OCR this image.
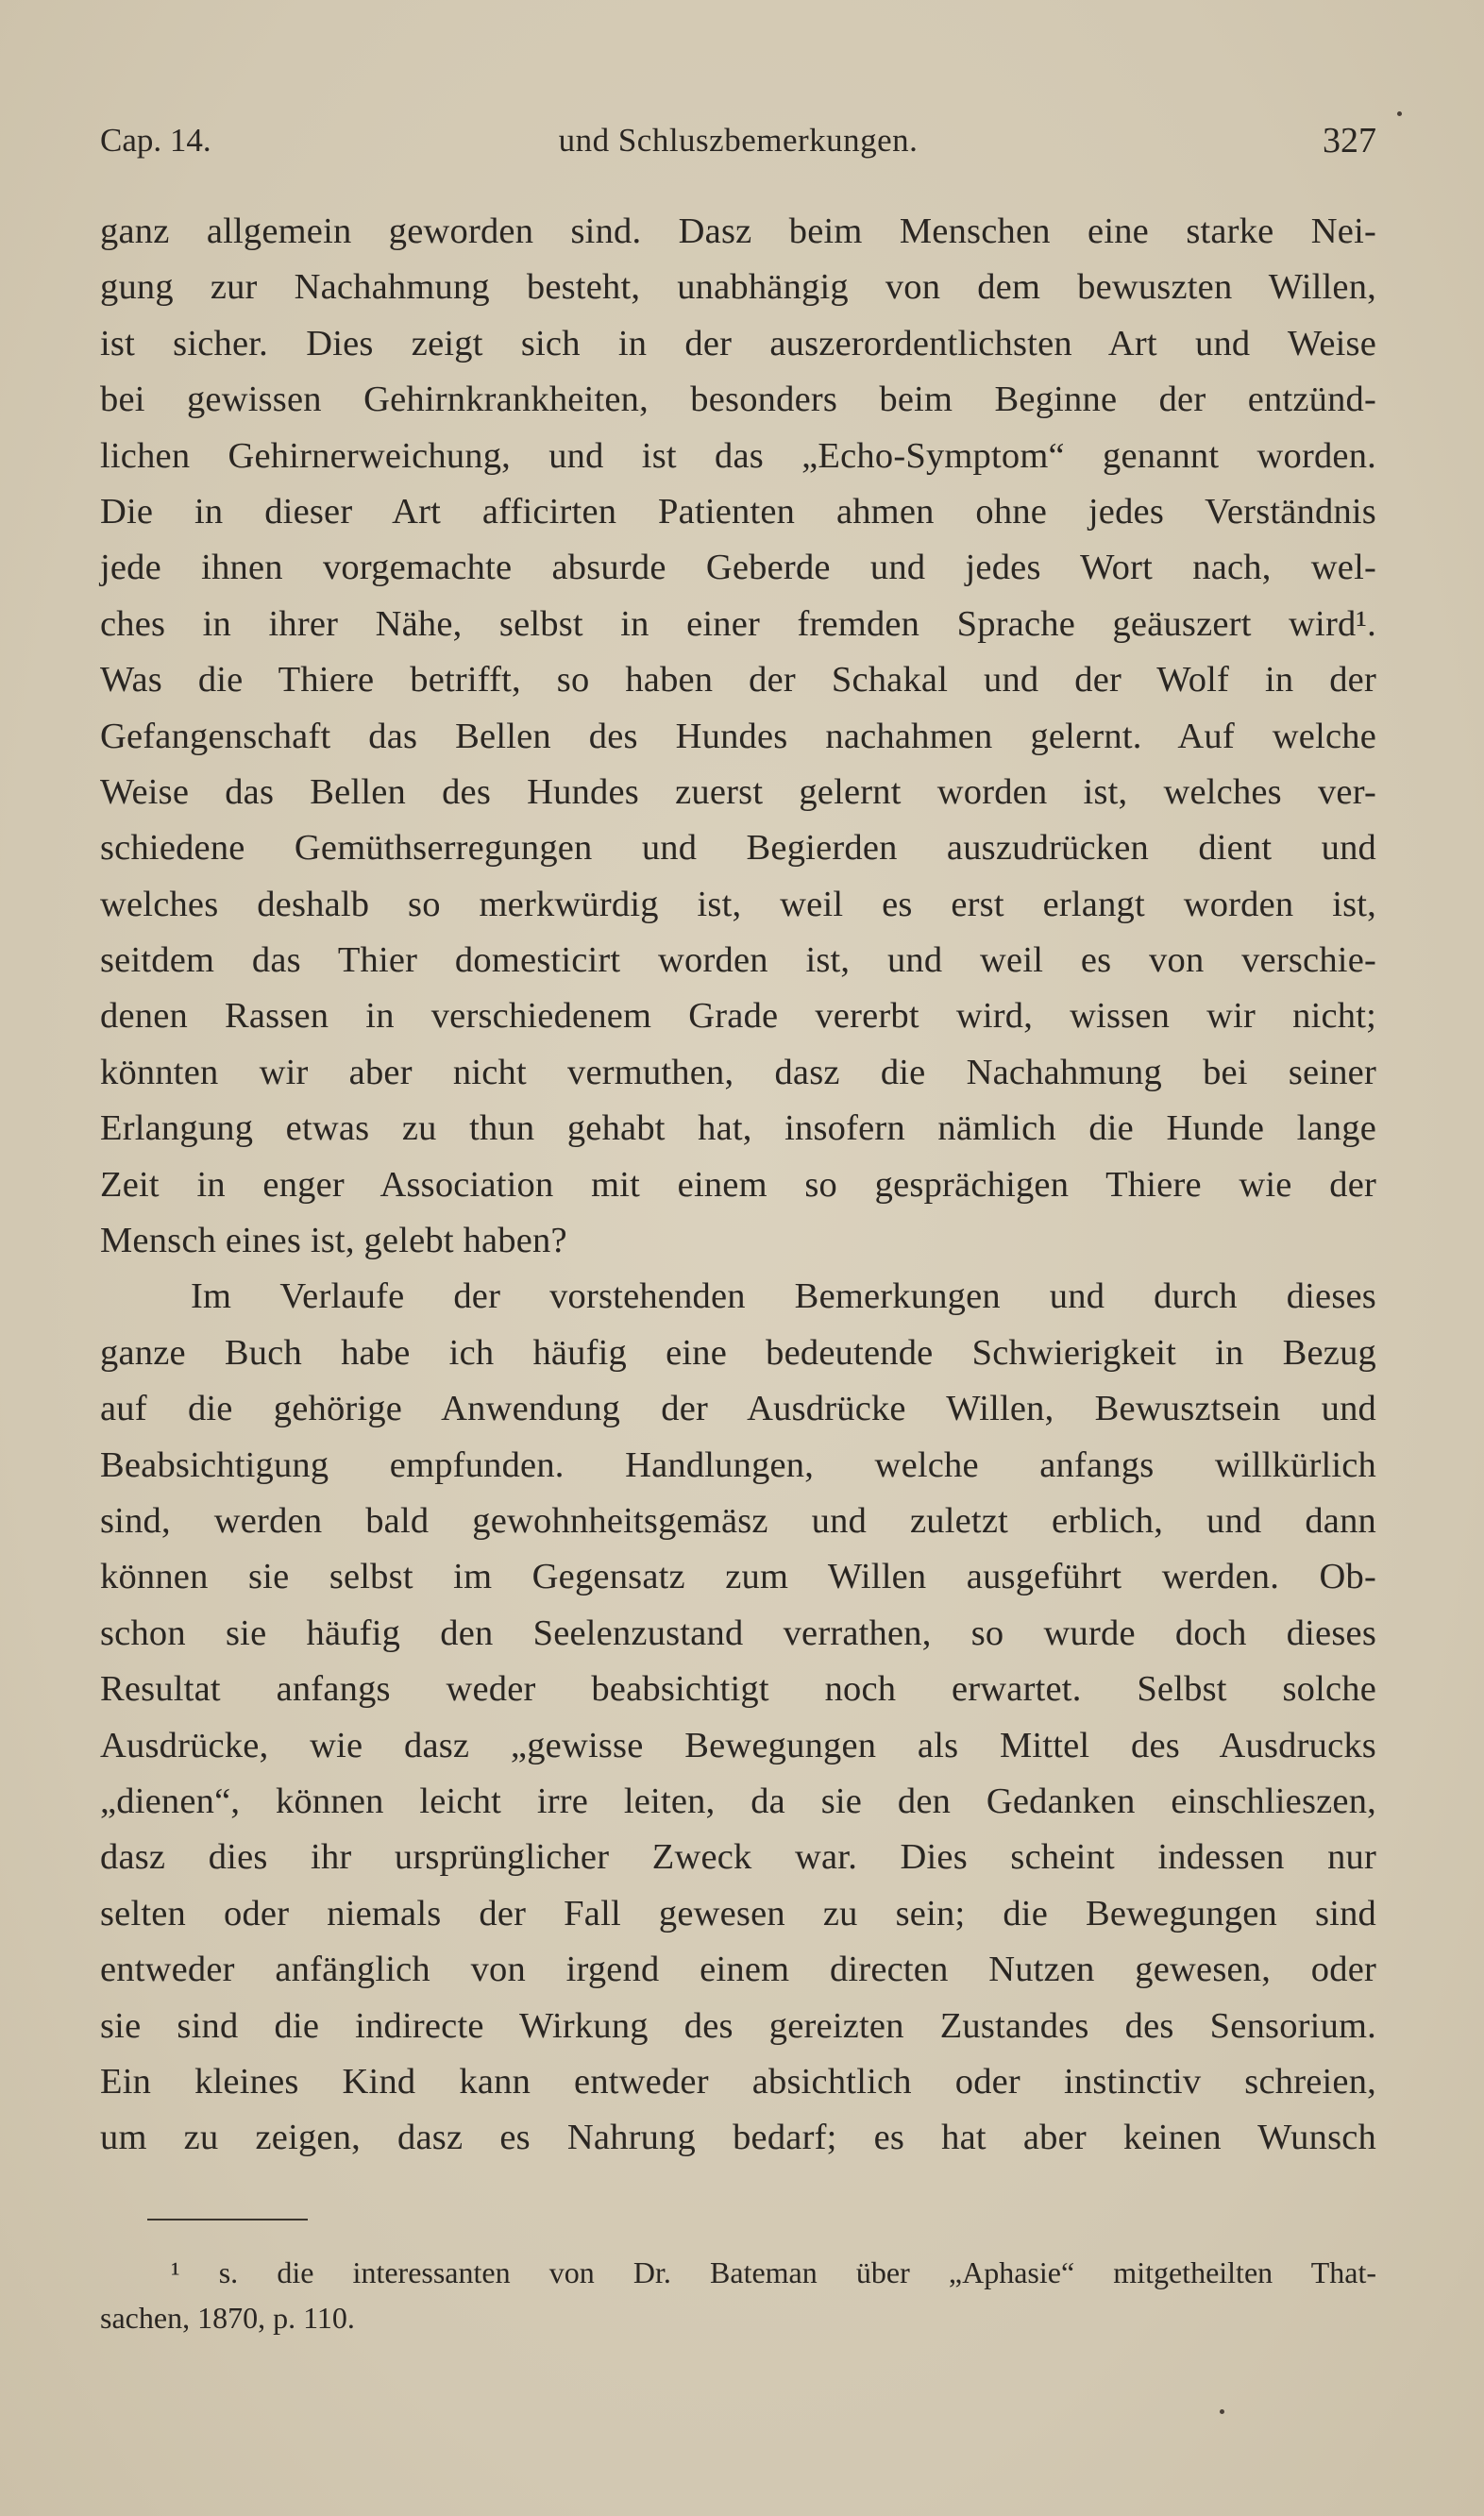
Cap. 14.	und Schluszbemerkungen.	327
ganz allgemein geworden sind. Dasz beim Menschen eine starke Nei-
gung zur Nachahmung besteht, unabhängig von dem bewuszten Willen,
ist sicher. Dies zeigt sich in der auszerordentlichsten Art und Weise
bei gewissen Gehirnkrankheiten, besonders beim Beginne der entzünd-
lichen Gehirnerweichung, und ist das „Echo-Symptom“ genannt worden.
Die in dieser Art afficirten Patienten ahmen ohne jedes Verständnis
jede ihnen vorgemachte absurde Geberde und jedes Wort nach, wel-
ches in ihrer Nähe, selbst in einer fremden Sprache geäuszert wird¹.
Was die Thiere betrifft, so haben der Schakal und der Wolf in der
Gefangenschaft das Bellen des Hundes nachahmen gelernt. Auf welche
Weise das Bellen des Hundes zuerst gelernt worden ist, welches ver-
schiedene Gemüthserregungen und Begierden auszudrücken dient und
welches deshalb so merkwürdig ist, weil es erst erlangt worden ist,
seitdem das Thier domesticirt worden ist, und weil es von verschie-
denen Rassen in verschiedenem Grade vererbt wird, wissen wir nicht;
könnten wir aber nicht vermuthen, dasz die Nachahmung bei seiner
Erlangung etwas zu thun gehabt hat, insofern nämlich die Hunde lange
Zeit in enger Association mit einem so gesprächigen Thiere wie der
Mensch eines ist, gelebt haben?
Im Verlaufe der vorstehenden Bemerkungen und durch dieses
ganze Buch habe ich häufig eine bedeutende Schwierigkeit in Bezug
auf die gehörige Anwendung der Ausdrücke Willen, Bewusztsein und
Beabsichtigung empfunden. Handlungen, welche anfangs willkürlich
sind, werden bald gewohnheitsgemäsz und zuletzt erblich, und dann
können sie selbst im Gegensatz zum Willen ausgeführt werden. Ob-
schon sie häufig den Seelenzustand verrathen, so wurde doch dieses
Resultat anfangs weder beabsichtigt noch erwartet. Selbst solche
Ausdrücke, wie dasz „gewisse Bewegungen als Mittel des Ausdrucks
„dienen“, können leicht irre leiten, da sie den Gedanken einschlieszen,
dasz dies ihr ursprünglicher Zweck war. Dies scheint indessen nur
selten oder niemals der Fall gewesen zu sein; die Bewegungen sind
entweder anfänglich von irgend einem directen Nutzen gewesen, oder
sie sind die indirecte Wirkung des gereizten Zustandes des Sensorium.
Ein kleines Kind kann entweder absichtlich oder instinctiv schreien,
um zu zeigen, dasz es Nahrung bedarf; es hat aber keinen Wunsch
¹ s. die interessanten von Dr. Bateman über „Aphasie“ mitgetheilten That-
sachen, 1870, p. 110.
